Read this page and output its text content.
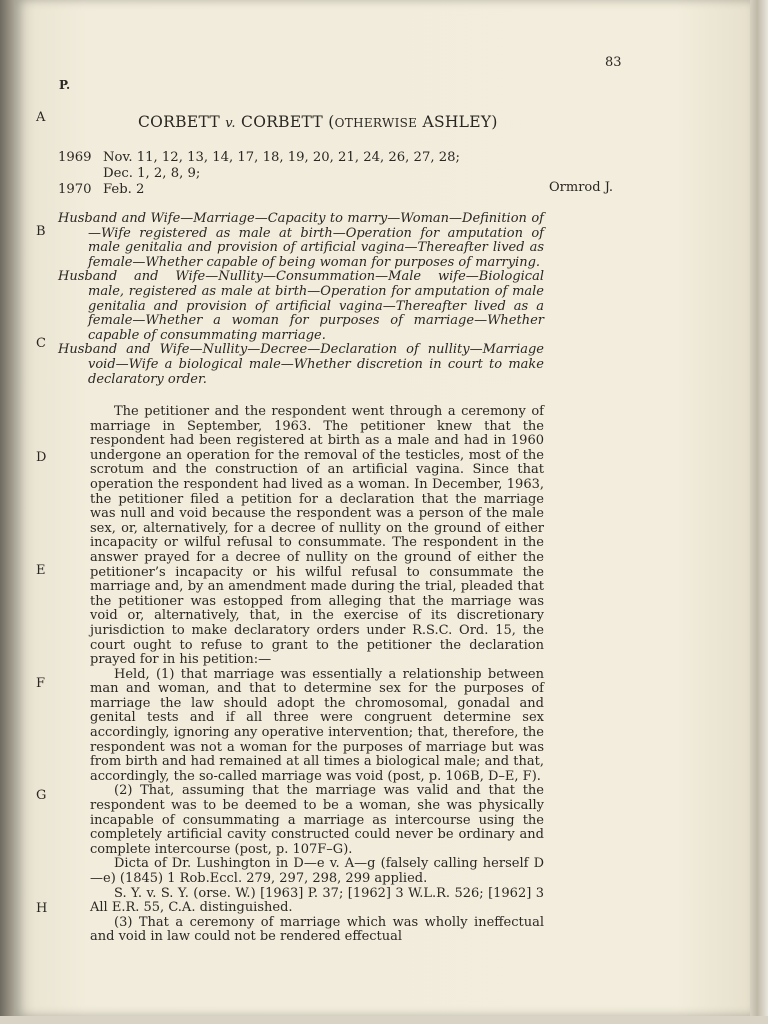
83
P.
A
B
C
D
E
F
G
H
CORBETT v. CORBETT (OTHERWISE ASHLEY)
1969 Nov. 11, 12, 13, 14, 17, 18, 19, 20, 21, 24, 26, 27, 28;
Dec. 1, 2, 8, 9;
1970 Feb. 2	Ormrod J.

Husband and Wife—Marriage—Capacity to marry—Woman—Definition of—Wife registered as male at birth—Operation for amputation of male genitalia and provision of artificial vagina—Thereafter lived as female—Whether capable of being woman for purposes of marrying.

Husband and Wife—Nullity—Consummation—Male wife—Biological male, registered as male at birth—Operation for amputation of male genitalia and provision of artificial vagina—Thereafter lived as a female—Whether a woman for purposes of marriage—Whether capable of consummating marriage.

Husband and Wife—Nullity—Decree—Declaration of nullity—Marriage void—Wife a biological male—Whether discretion in court to make declaratory order.

The petitioner and the respondent went through a ceremony of marriage in September, 1963. The petitioner knew that the respondent had been registered at birth as a male and had in 1960 undergone an operation for the removal of the testicles, most of the scrotum and the construction of an artificial vagina. Since that operation the respondent had lived as a woman. In December, 1963, the petitioner filed a petition for a declaration that the marriage was null and void because the respondent was a person of the male sex, or, alternatively, for a decree of nullity on the ground of either incapacity or wilful refusal to consummate. The respondent in the answer prayed for a decree of nullity on the ground of either the petitioner’s incapacity or his wilful refusal to consummate the marriage and, by an amendment made during the trial, pleaded that the petitioner was estopped from alleging that the marriage was void or, alternatively, that, in the exercise of its discretionary jurisdiction to make declaratory orders under R.S.C. Ord. 15, the court ought to refuse to grant to the petitioner the declaration prayed for in his petition:—

Held, (1) that marriage was essentially a relationship between man and woman, and that to determine sex for the purposes of marriage the law should adopt the chromosomal, gonadal and genital tests and if all three were congruent determine sex accordingly, ignoring any operative intervention; that, therefore, the respondent was not a woman for the purposes of marriage but was from birth and had remained at all times a biological male; and that, accordingly, the so-called marriage was void (post, p. 106B, D–E, F).

(2) That, assuming that the marriage was valid and that the respondent was to be deemed to be a woman, she was physically incapable of consummating a marriage as intercourse using the completely artificial cavity constructed could never be ordinary and complete intercourse (post, p. 107F–G).

Dicta of Dr. Lushington in D—e v. A—g (falsely calling herself D—e) (1845) 1 Rob.Eccl. 279, 297, 298, 299 applied.

S. Y. v. S. Y. (orse. W.) [1963] P. 37; [1962] 3 W.L.R. 526; [1962] 3 All E.R. 55, C.A. distinguished.

(3) That a ceremony of marriage which was wholly ineffectual and void in law could not be rendered effectual
